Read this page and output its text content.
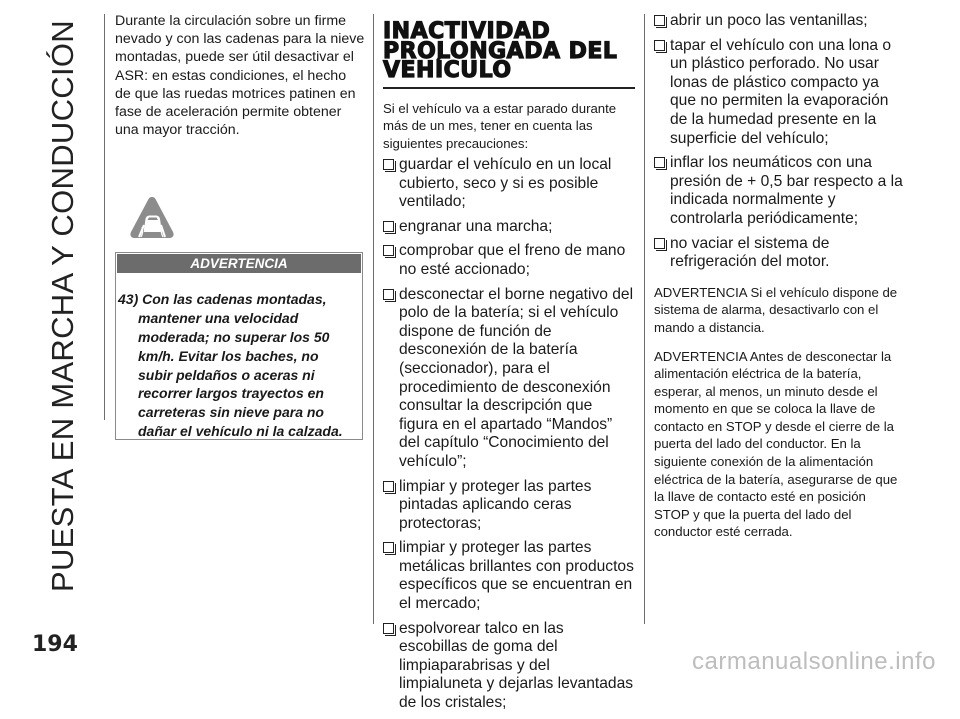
PUESTA EN MARCHA Y CONDUCCIÓN Durante la circulación sobre un firme nevado y con las cadenas para la nieve montadas, puede ser útil desactivar el ASR: en estas condiciones, el hecho de que las ruedas motrices patinen en fase de aceleración permite obtener una mayor tracción.

ADVERTENCIA

43) Con las cadenas montadas, mantener una velocidad moderada; no superar los 50 km/h. Evitar los baches, no subir peldaños o aceras ni recorrer largos trayectos en carreteras sin nieve para no dañar el vehículo ni la calzada.

INACTIVIDAD PROLONGADA DEL VEHÍCULO

Si el vehículo va a estar parado durante más de un mes, tener en cuenta las siguientes precauciones:

guardar el vehículo en un local cubierto, seco y si es posible ventilado;
engranar una marcha;
comprobar que el freno de mano no esté accionado;
desconectar el borne negativo del polo de la batería; si el vehículo dispone de función de desconexión de la batería (seccionador), para el procedimiento de desconexión consultar la descripción que figura en el apartado “Mandos” del capítulo “Conocimiento del vehículo”;
limpiar y proteger las partes pintadas aplicando ceras protectoras;
limpiar y proteger las partes metálicas brillantes con productos específicos que se encuentran en el mercado;
espolvorear talco en las escobillas de goma del limpiaparabrisas y del limpialuneta y dejarlas levantadas de los cristales;
abrir un poco las ventanillas;
tapar el vehículo con una lona o un plástico perforado. No usar lonas de plástico compacto ya que no permiten la evaporación de la humedad presente en la superficie del vehículo;
inflar los neumáticos con una presión de + 0,5 bar respecto a la indicada normalmente y controlarla periódicamente;
no vaciar el sistema de refrigeración del motor.

ADVERTENCIA Si el vehículo dispone de sistema de alarma, desactivarlo con el mando a distancia.

ADVERTENCIA Antes de desconectar la alimentación eléctrica de la batería, esperar, al menos, un minuto desde el momento en que se coloca la llave de contacto en STOP y desde el cierre de la puerta del lado del conductor. En la siguiente conexión de la alimentación eléctrica de la batería, asegurarse de que la llave de contacto esté en posición STOP y que la puerta del lado del conductor esté cerrada.

194
carmanualsonline.info
